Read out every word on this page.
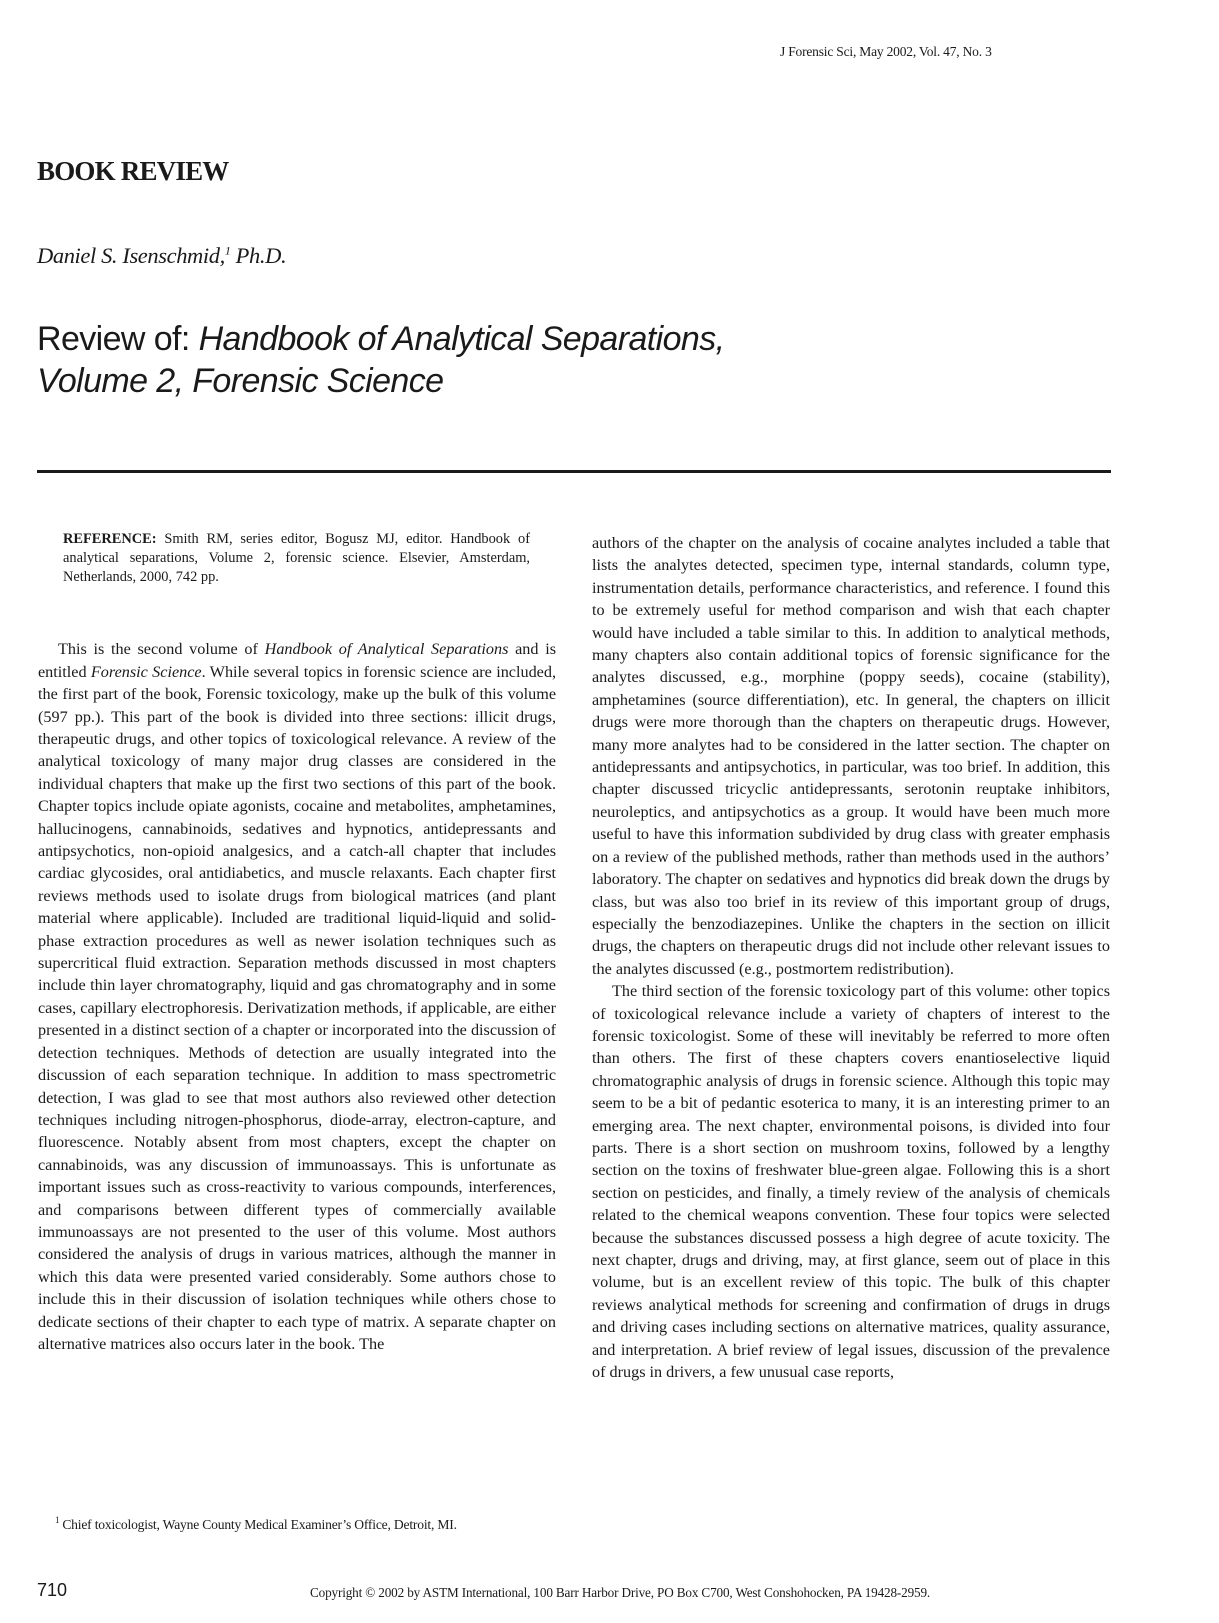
J Forensic Sci, May 2002, Vol. 47, No. 3
BOOK REVIEW
Daniel S. Isenschmid,$^1$ Ph.D.
Review of: Handbook of Analytical Separations,
Volume 2, Forensic Science

REFERENCE: Smith RM, series editor, Bogusz MJ, editor. Handbook of analytical separations, Volume 2, forensic science. Elsevier, Amsterdam, Netherlands, 2000, 742 pp.

This is the second volume of Handbook of Analytical Separations and is entitled Forensic Science. While several topics in forensic science are included, the first part of the book, Forensic toxicology, make up the bulk of this volume (597 pp.). This part of the book is divided into three sections: illicit drugs, therapeutic drugs, and other topics of toxicological relevance. A review of the analytical toxicology of many major drug classes are considered in the individual chapters that make up the first two sections of this part of the book. Chapter topics include opiate agonists, cocaine and metabolites, amphetamines, hallucinogens, cannabinoids, sedatives and hypnotics, antidepressants and antipsychotics, non-opioid analgesics, and a catch-all chapter that includes cardiac glycosides, oral antidiabetics, and muscle relaxants. Each chapter first reviews methods used to isolate drugs from biological matrices (and plant material where applicable). Included are traditional liquid-liquid and solid-phase extraction procedures as well as newer isolation techniques such as supercritical fluid extraction. Separation methods discussed in most chapters include thin layer chromatography, liquid and gas chromatography and in some cases, capillary electrophoresis. Derivatization methods, if applicable, are either presented in a distinct section of a chapter or incorporated into the discussion of detection techniques. Methods of detection are usually integrated into the discussion of each separation technique. In addition to mass spectrometric detection, I was glad to see that most authors also reviewed other detection techniques including nitrogen-phosphorus, diode-array, electron-capture, and fluorescence. Notably absent from most chapters, except the chapter on cannabinoids, was any discussion of immunoassays. This is unfortunate as important issues such as cross-reactivity to various compounds, interferences, and comparisons between different types of commercially available immunoassays are not presented to the user of this volume. Most authors considered the analysis of drugs in various matrices, although the manner in which this data were presented varied considerably. Some authors chose to include this in their discussion of isolation techniques while others chose to dedicate sections of their chapter to each type of matrix. A separate chapter on alternative matrices also occurs later in the book. The

authors of the chapter on the analysis of cocaine analytes included a table that lists the analytes detected, specimen type, internal standards, column type, instrumentation details, performance characteristics, and reference. I found this to be extremely useful for method comparison and wish that each chapter would have included a table similar to this. In addition to analytical methods, many chapters also contain additional topics of forensic significance for the analytes discussed, e.g., morphine (poppy seeds), cocaine (stability), amphetamines (source differentiation), etc. In general, the chapters on illicit drugs were more thorough than the chapters on therapeutic drugs. However, many more analytes had to be considered in the latter section. The chapter on antidepressants and antipsychotics, in particular, was too brief. In addition, this chapter discussed tricyclic antidepressants, serotonin reuptake inhibitors, neuroleptics, and antipsychotics as a group. It would have been much more useful to have this information subdivided by drug class with greater emphasis on a review of the published methods, rather than methods used in the authors’ laboratory. The chapter on sedatives and hypnotics did break down the drugs by class, but was also too brief in its review of this important group of drugs, especially the benzodiazepines. Unlike the chapters in the section on illicit drugs, the chapters on therapeutic drugs did not include other relevant issues to the analytes discussed (e.g., postmortem redistribution).

The third section of the forensic toxicology part of this volume: other topics of toxicological relevance include a variety of chapters of interest to the forensic toxicologist. Some of these will inevitably be referred to more often than others. The first of these chapters covers enantioselective liquid chromatographic analysis of drugs in forensic science. Although this topic may seem to be a bit of pedantic esoterica to many, it is an interesting primer to an emerging area. The next chapter, environmental poisons, is divided into four parts. There is a short section on mushroom toxins, followed by a lengthy section on the toxins of freshwater blue-green algae. Following this is a short section on pesticides, and finally, a timely review of the analysis of chemicals related to the chemical weapons convention. These four topics were selected because the substances discussed possess a high degree of acute toxicity. The next chapter, drugs and driving, may, at first glance, seem out of place in this volume, but is an excellent review of this topic. The bulk of this chapter reviews analytical methods for screening and confirmation of drugs in drugs and driving cases including sections on alternative matrices, quality assurance, and interpretation. A brief review of legal issues, discussion of the prevalence of drugs in drivers, a few unusual case reports,

$^1$ Chief toxicologist, Wayne County Medical Examiner’s Office, Detroit, MI.
710	Copyright © 2002 by ASTM International, 100 Barr Harbor Drive, PO Box C700, West Conshohocken, PA 19428-2959.
